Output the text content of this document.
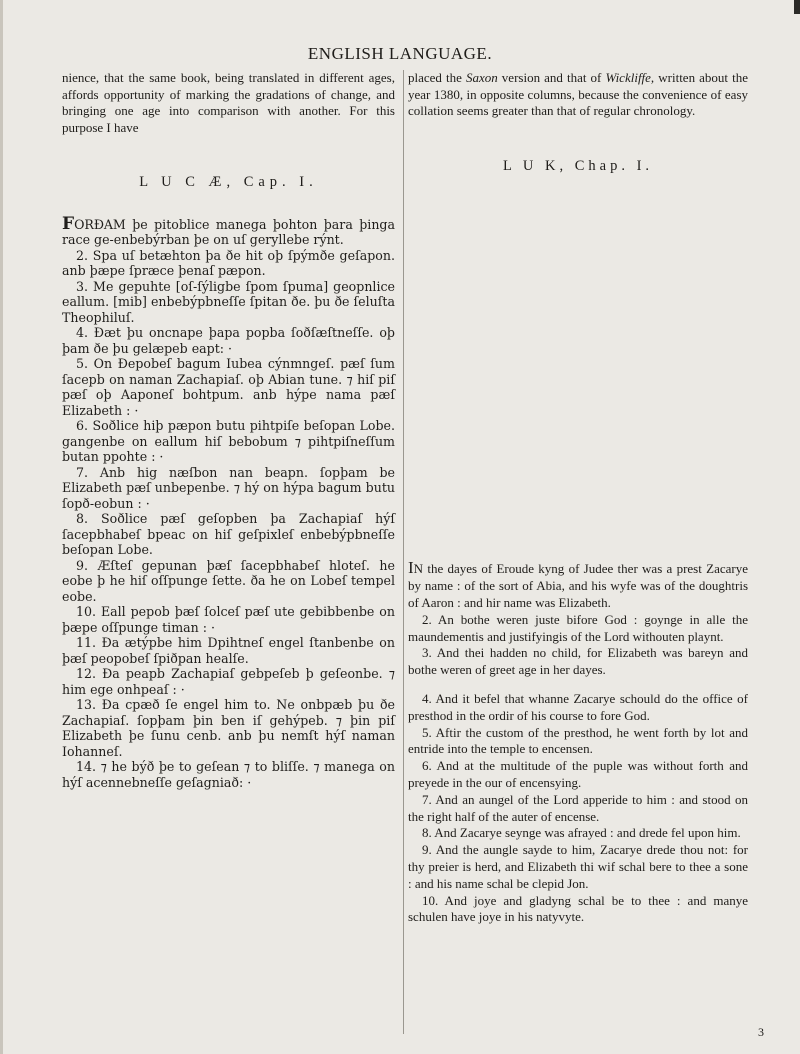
ENGLISH LANGUAGE.

nience, that the same book, being translated in different ages, affords opportunity of marking the gradations of change, and bringing one age into comparison with another. For this purpose I have

L U C Æ, Cap. I.

FORÐAM þe pitoblice manega þohton þara þinga race ge-enbebýrban þe on uſ geryllebe rýnt.

2. Spa uſ betæhton þa ðe hit oþ ſpýmðe geſapon. anb þæpe ſpræce þenaſ pæpon.

3. Me gepuhte [oſ-ſýligbe ſpom ſpuma] geopnlice eallum. [mib] enbebýpbneſſe ſpitan ðe. þu ðe ſeluſta Theophiluſ.

4. Ðæt þu oncnape þapa popba ſoðſæſtneſſe. oþ þam ðe þu gelæpeb eapt: ·

5. On Ðepobeſ bagum Iubea cýnmngeſ. pæſ ſum ſacepb on naman Zachapiaſ. oþ Abian tune. ⁊ hiſ piſ pæſ oþ Aaponeſ bohtpum. anb hýpe nama pæſ Elizabeth : ·

6. Soðlice hiþ pæpon butu pihtpiſe beſopan Lobe. gangenbe on eallum hiſ bebobum ⁊ pihtpiſneſſum butan ppohte : ·

7. Anb hig næſbon nan beapn. ſopþam be Elizabeth pæſ unbepenbe. ⁊ hý on hýpa bagum butu ſopð-eobun : ·

8. Soðlice pæſ geſopben þa Zachapiaſ hýſ ſacepbhabeſ bpeac on hiſ geſpixleſ enbebýpbneſſe beſopan Lobe.

9. Æſteſ gepunan þæſ ſacepbhabeſ hloteſ. he eobe þ he hiſ oſſpunge ſette. ða he on Lobeſ tempel eobe.

10. Eall pepob þæſ ſolceſ pæſ ute gebibbenbe on þæpe oſſpunge timan : ·

11. Ða ætýpbe him Dpihtneſ engel ſtanbenbe on þæſ peopobeſ ſpiðpan healſe.

12. Ða peapb Zachapiaſ gebpeſeb þ geſeonbe. ⁊ him ege onhpeaſ : ·

13. Ða cpæð ſe engel him to. Ne onbpæb þu ðe Zachapiaſ. ſopþam þin ben iſ gehýpeb. ⁊ þin piſ Elizabeth þe ſunu cenb. anb þu nemſt hýſ naman Iohanneſ.

14. ⁊ he býð þe to geſean ⁊ to bliſſe. ⁊ manega on hýſ acennebneſſe geſagniað: ·

placed the Saxon version and that of Wickliffe, written about the year 1380, in opposite columns, because the convenience of easy collation seems greater than that of regular chronology.

L U K, Chap. I.

IN the dayes of Eroude kyng of Judee ther was a prest Zacarye by name : of the sort of Abia, and his wyfe was of the doughtris of Aaron : and hir name was Elizabeth.

2. An bothe weren juste bifore God : goynge in alle the maundementis and justifyingis of the Lord withouten playnt.

3. And thei hadden no child, for Elizabeth was bareyn and bothe weren of greet age in her dayes.

4. And it befel that whanne Zacarye schould do the office of presthod in the ordir of his course to fore God.

5. Aftir the custom of the presthod, he went forth by lot and entride into the temple to encensen.

6. And at the multitude of the puple was without forth and preyede in the our of encensying.

7. And an aungel of the Lord apperide to him : and stood on the right half of the auter of encense.

8. And Zacarye seynge was afrayed : and drede fel upon him.

9. And the aungle sayde to him, Zacarye drede thou not: for thy preier is herd, and Elizabeth thi wif schal bere to thee a sone : and his name schal be clepid Jon.

10. And joye and gladyng schal be to thee : and manye schulen have joye in his natyvyte.

3
